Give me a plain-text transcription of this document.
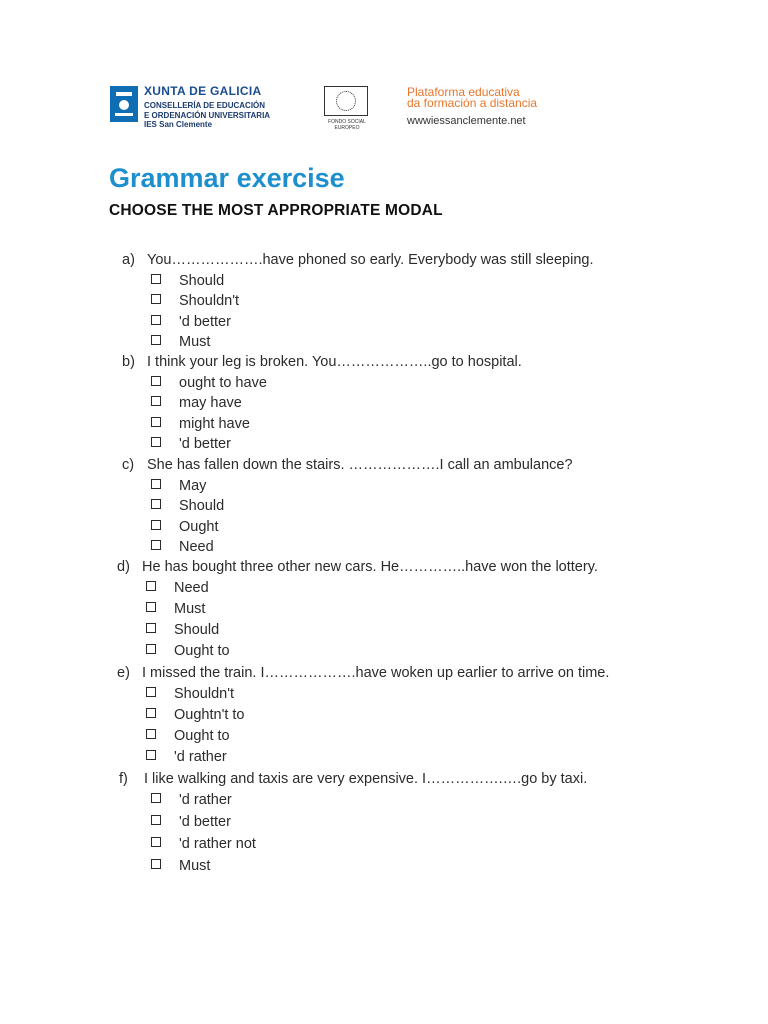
XUNTA DE GALICIA
CONSELLERÍA DE EDUCACIÓN
E ORDENACIÓN UNIVERSITARIA
IES San Clemente	FONDO SOCIAL
EUROPEO
Plataforma educativa
da formación a distancia
wwwiessanclemente.net
Grammar exercise
CHOOSE THE MOST APPROPRIATE MODAL
a) You……………….have phoned so early. Everybody was still sleeping.
Should
Shouldn't
'd better
Must
b) I think your leg is broken. You………………..go to hospital.
ought to have
may have
might have
'd better
c) She has fallen down the stairs. ……………….I call an ambulance?
May
Should
Ought
Need
d) He has bought three other new cars. He…………..have won the lottery.
Need
Must
Should
Ought to
e) I missed the train. I……………….have woken up earlier to arrive on time.
Shouldn't
Oughtn't to
Ought to
'd rather
f) I like walking and taxis are very expensive. I…………….….go by taxi.
'd rather
'd better
'd rather not
Must
